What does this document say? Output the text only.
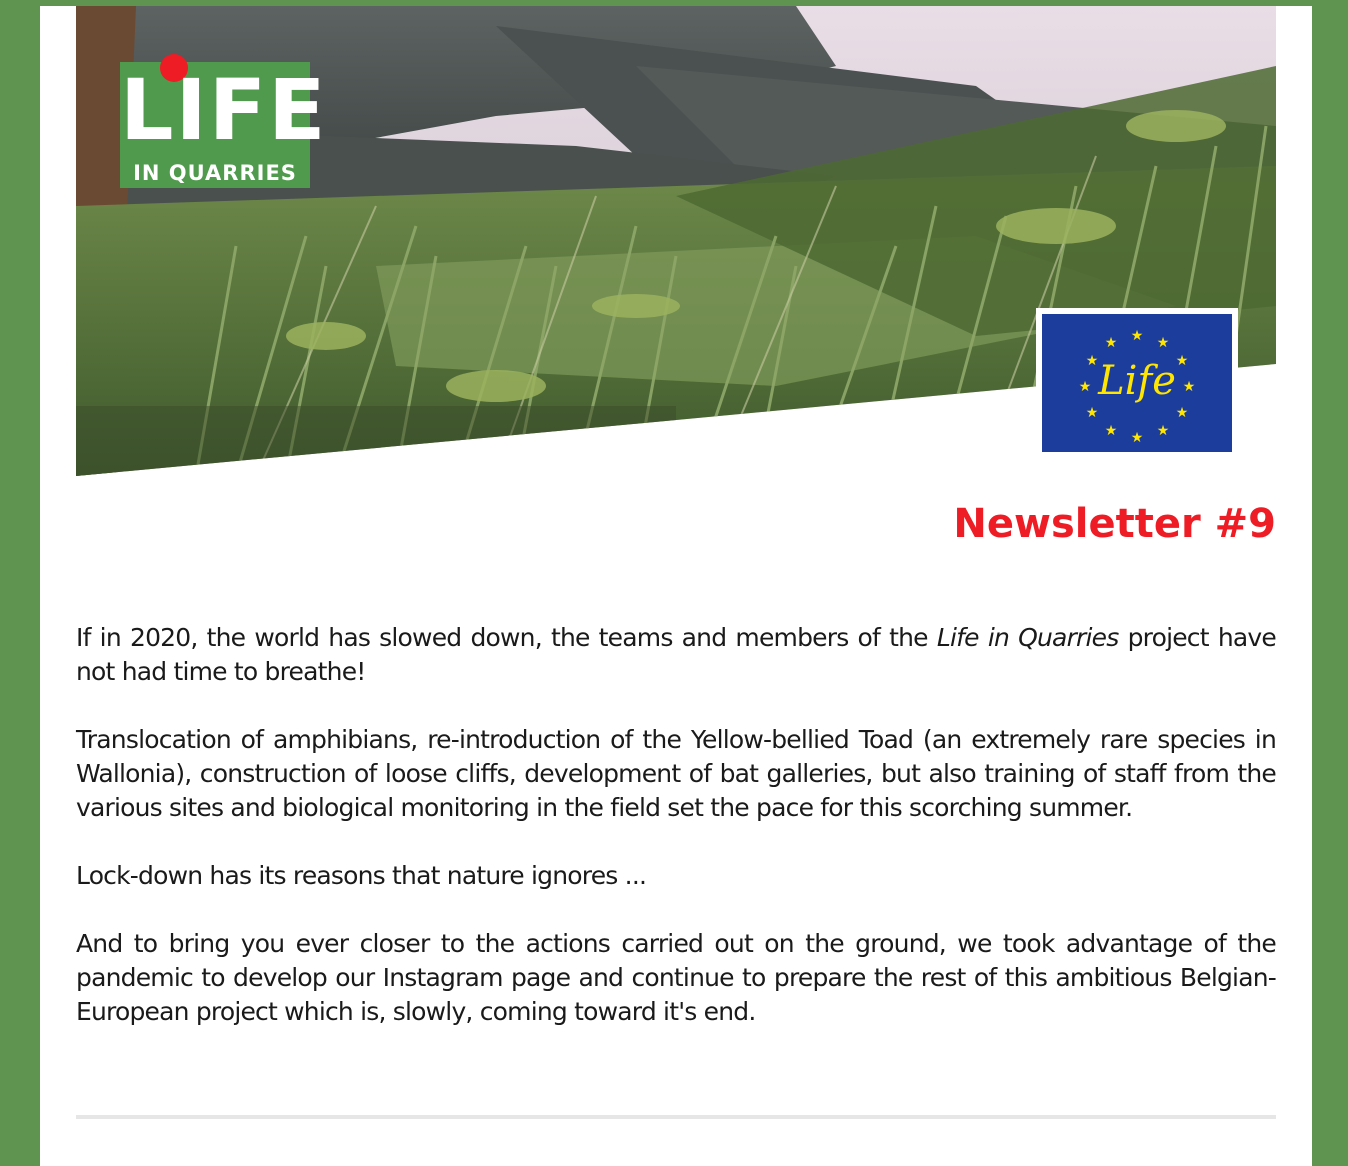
LIFE
IN QUARRIES
★ ★
★
★
★
★
★
★
★
★
★
★
Life
Newsletter #9

If in 2020, the world has slowed down, the teams and members of the Life in Quarries project have not had time to breathe!

Translocation of amphibians, re-introduction of the Yellow-bellied Toad (an extremely rare species in Wallonia), construction of loose cliffs, development of bat galleries, but also training of staff from the various sites and biological monitoring in the field set the pace for this scorching summer.

Lock-down has its reasons that nature ignores ...

And to bring you ever closer to the actions carried out on the ground, we took advantage of the pandemic to develop our Instagram page and continue to prepare the rest of this ambitious Belgian-European project which is, slowly, coming toward it's end.
